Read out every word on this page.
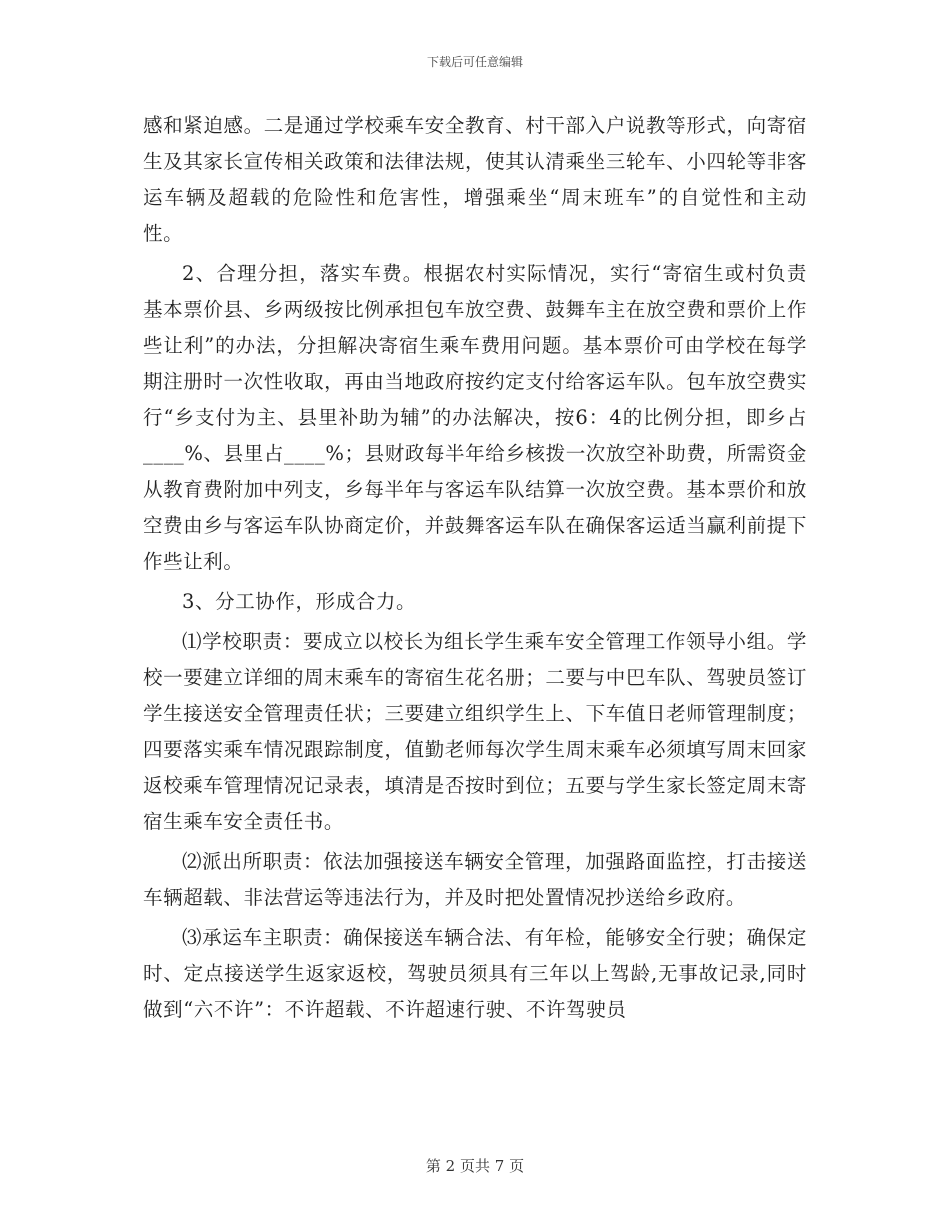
下载后可任意编辑

感和紧迫感。二是通过学校乘车安全教育、村干部入户说教等形式，向寄宿生及其家长宣传相关政策和法律法规，使其认清乘坐三轮车、小四轮等非客运车辆及超载的危险性和危害性，增强乘坐“周末班车”的自觉性和主动性。

2、合理分担，落实车费。根据农村实际情况，实行“寄宿生或村负责基本票价县、乡两级按比例承担包车放空费、鼓舞车主在放空费和票价上作些让利”的办法，分担解决寄宿生乘车费用问题。基本票价可由学校在每学期注册时一次性收取，再由当地政府按约定支付给客运车队。包车放空费实行“乡支付为主、县里补助为辅”的办法解决，按6：4的比例分担，即乡占____%、县里占____%；县财政每半年给乡核拨一次放空补助费，所需资金从教育费附加中列支，乡每半年与客运车队结算一次放空费。基本票价和放空费由乡与客运车队协商定价，并鼓舞客运车队在确保客运适当赢利前提下作些让利。

3、分工协作，形成合力。

⑴学校职责：要成立以校长为组长学生乘车安全管理工作领导小组。学校一要建立详细的周末乘车的寄宿生花名册；二要与中巴车队、驾驶员签订学生接送安全管理责任状；三要建立组织学生上、下车值日老师管理制度；四要落实乘车情况跟踪制度，值勤老师每次学生周末乘车必须填写周末回家返校乘车管理情况记录表，填清是否按时到位；五要与学生家长签定周末寄宿生乘车安全责任书。

⑵派出所职责：依法加强接送车辆安全管理，加强路面监控，打击接送车辆超载、非法营运等违法行为，并及时把处置情况抄送给乡政府。

⑶承运车主职责：确保接送车辆合法、有年检，能够安全行驶；确保定时、定点接送学生返家返校，驾驶员须具有三年以上驾龄,无事故记录,同时做到“六不许”：不许超载、不许超速行驶、不许驾驶员

第 2 页共 7 页
